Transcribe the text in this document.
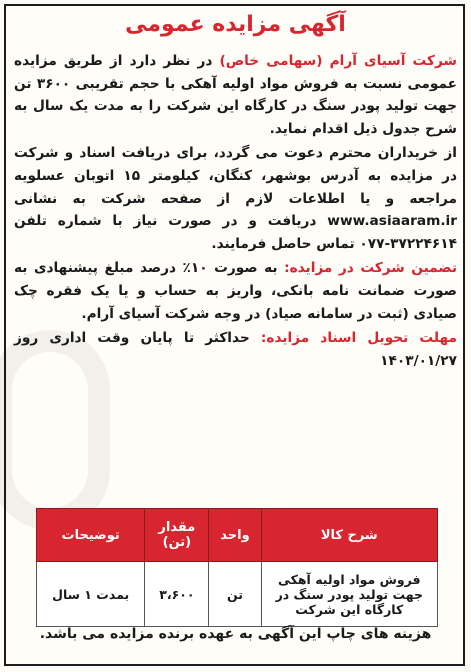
آگهی مزایده عمومی

شرکت آسیای آرام (سهامی خاص) در نظر دارد از طریق مزایده عمومی نسبت به فروش مواد اولیه آهکی با حجم تقریبی ۳۶۰۰ تن جهت تولید پودر سنگ در کارگاه این شرکت را به مدت یک سال به شرح جدول ذیل اقدام نماید.

از خریداران محترم دعوت می گردد، برای دریافت اسناد و شرکت در مزایده به آدرس بوشهر، کنگان، کیلومتر ۱۵ اتوبان عسلویه مراجعه و یا اطلاعات لازم از صفحه شرکت به نشانی www.asiaaram.ir دریافت و در صورت نیاز با شماره تلفن ۳۷۲۲۴۶۱۴-۰۷۷ تماس حاصل فرمایند.

تضمین شرکت در مزایده: به صورت ۱۰٪ درصد مبلغ پیشنهادی به صورت ضمانت نامه بانکی، واریز به حساب و یا یک فقره چک صیادی (ثبت در سامانه صیاد) در وجه شرکت آسیای آرام.

مهلت تحویل اسناد مزایده: حداکثر تا پایان وقت اداری روز ۱۴۰۳/۰۱/۲۷

شرح کالا	واحد	مقدار (تن)	توضیحات
فروش مواد اولیه آهکی جهت تولید پودر سنگ در کارگاه این شرکت	تن	۳،۶۰۰	بمدت ۱ سال
هزینه های چاپ این آگهی به عهده برنده مزایده می باشد.
